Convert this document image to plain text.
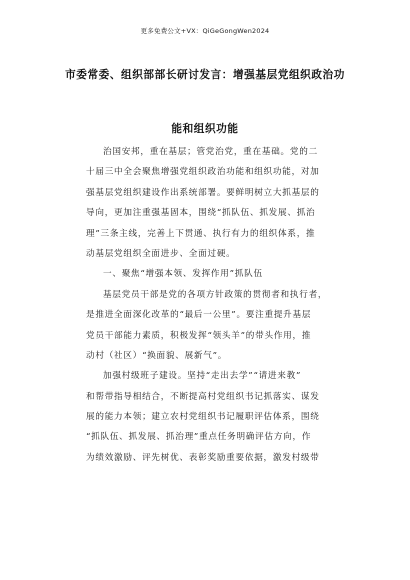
更多免费公文+VX：QiGeGongWen2024
市委常委、组织部部长研讨发言：增强基层党组织政治功
能和组织功能
治国安邦，重在基层；管党治党，重在基础。党的二
十届三中全会聚焦增强党组织政治功能和组织功能，对加
强基层党组织建设作出系统部署。要鲜明树立大抓基层的
导向，更加注重强基固本，围绕“抓队伍、抓发展、抓治
理”三条主线，完善上下贯通、执行有力的组织体系，推
动基层党组织全面进步、全面过硬。
一、聚焦“增强本领、发挥作用”抓队伍
基层党员干部是党的各项方针政策的贯彻者和执行者，
是推进全面深化改革的“最后一公里”。要注重提升基层
党员干部能力素质，积极发挥“领头羊”的带头作用，推
动村（社区）“换面貌、展新气”。
加强村级班子建设。坚持“走出去学”“请进来教”
和帮带指导相结合，不断提高村党组织书记抓落实、谋发
展的能力本领；建立农村党组织书记履职评估体系，围绕
“抓队伍、抓发展、抓治理”重点任务明确评估方向，作
为绩效激励、评先树优、表彰奖励重要依据，激发村级带
